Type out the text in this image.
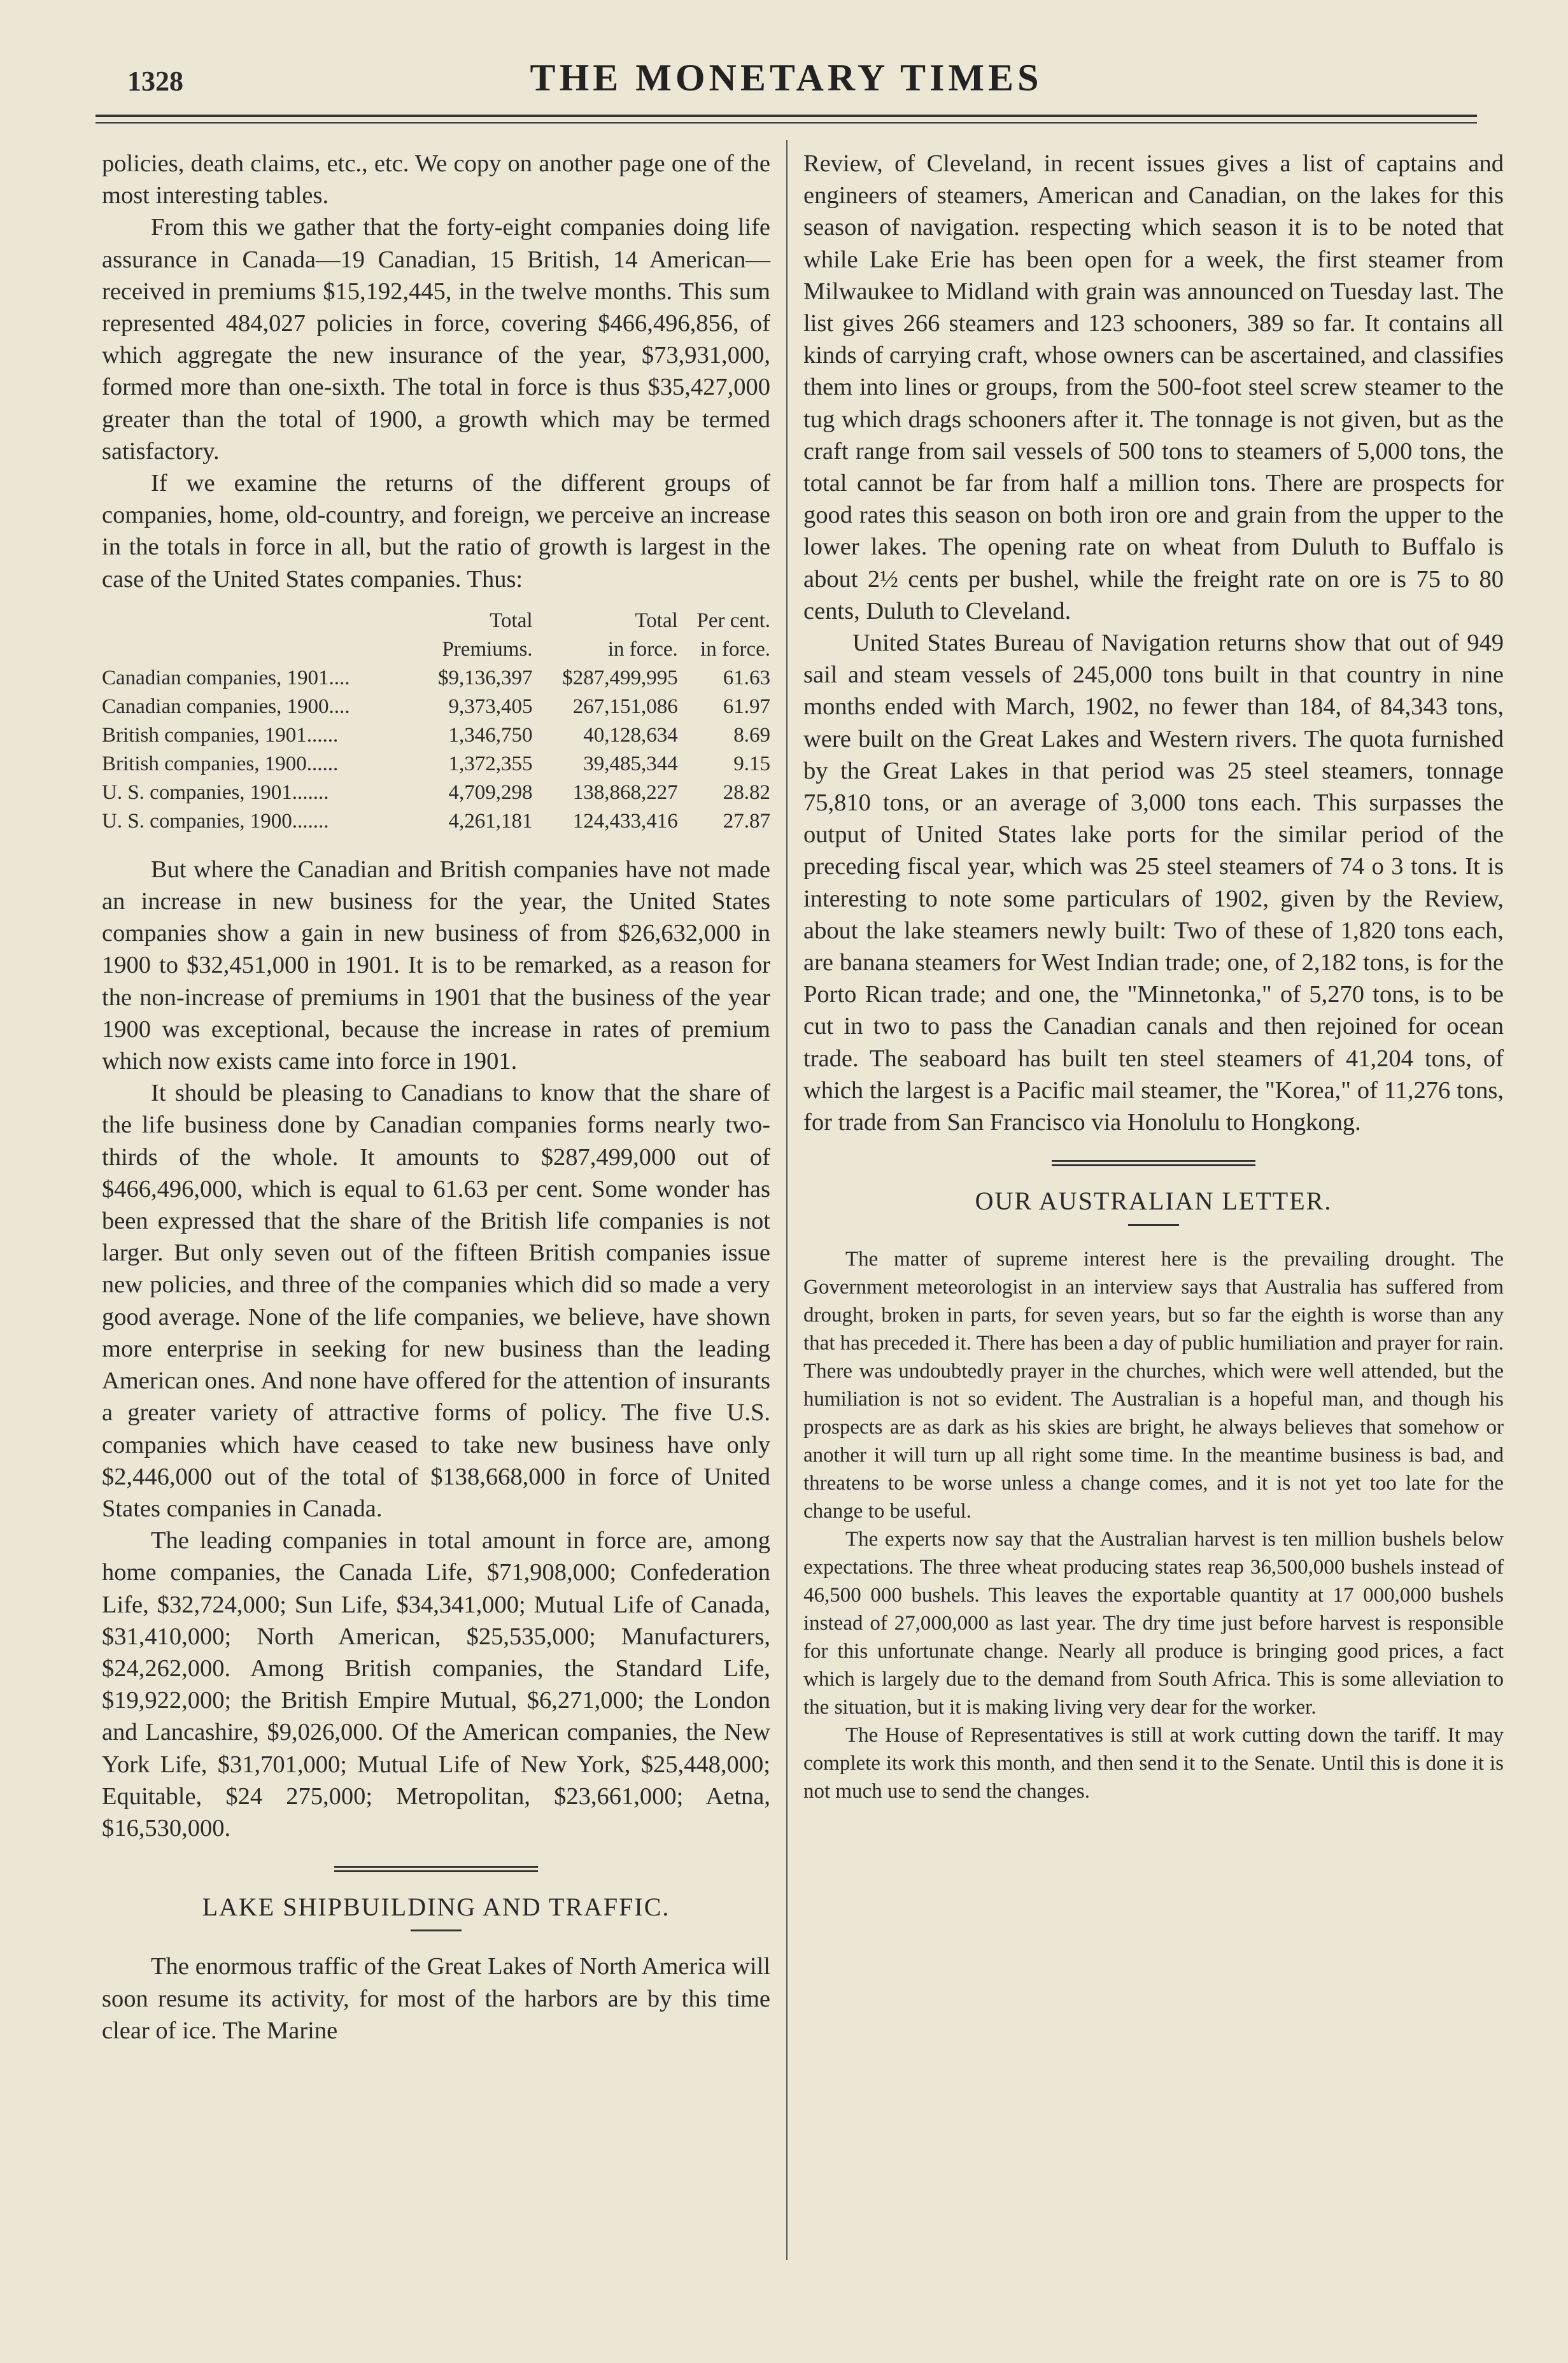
1328	THE MONETARY TIMES

policies, death claims, etc., etc. We copy on another page one of the most interesting tables.

From this we gather that the forty-eight companies doing life assurance in Canada—19 Canadian, 15 British, 14 American—received in premiums $15,192,445, in the twelve months. This sum represented 484,027 policies in force, covering $466,496,856, of which aggregate the new insurance of the year, $73,931,000, formed more than one-sixth. The total in force is thus $35,427,000 greater than the total of 1900, a growth which may be termed satisfactory.

If we examine the returns of the different groups of companies, home, old-country, and foreign, we perceive an increase in the totals in force in all, but the ratio of growth is largest in the case of the United States companies. Thus:

	Total	Total	Per cent.
	Premiums.	in force.	in force.
Canadian companies, 1901....	$9,136,397	$287,499,995	61.63
Canadian companies, 1900....	9,373,405	267,151,086	61.97
British companies, 1901......	1,346,750	40,128,634	8.69
British companies, 1900......	1,372,355	39,485,344	9.15
U. S. companies, 1901.......	4,709,298	138,868,227	28.82
U. S. companies, 1900.......	4,261,181	124,433,416	27.87

But where the Canadian and British companies have not made an increase in new business for the year, the United States companies show a gain in new business of from $26,632,000 in 1900 to $32,451,000 in 1901. It is to be remarked, as a reason for the non-increase of premiums in 1901 that the business of the year 1900 was exceptional, because the increase in rates of premium which now exists came into force in 1901.

It should be pleasing to Canadians to know that the share of the life business done by Canadian companies forms nearly two-thirds of the whole. It amounts to $287,499,000 out of $466,496,000, which is equal to 61.63 per cent. Some wonder has been expressed that the share of the British life companies is not larger. But only seven out of the fifteen British companies issue new policies, and three of the companies which did so made a very good average. None of the life companies, we believe, have shown more enterprise in seeking for new business than the leading American ones. And none have offered for the attention of insurants a greater variety of attractive forms of policy. The five U.S. companies which have ceased to take new business have only $2,446,000 out of the total of $138,668,000 in force of United States companies in Canada.

The leading companies in total amount in force are, among home companies, the Canada Life, $71,908,000; Confederation Life, $32,724,000; Sun Life, $34,341,000; Mutual Life of Canada, $31,410,000; North American, $25,535,000; Manufacturers, $24,262,000. Among British companies, the Standard Life, $19,922,000; the British Empire Mutual, $6,271,000; the London and Lancashire, $9,026,000. Of the American companies, the New York Life, $31,701,000; Mutual Life of New York, $25,448,000; Equitable, $24 275,000; Metropolitan, $23,661,000; Aetna, $16,530,000.

LAKE SHIPBUILDING AND TRAFFIC.

The enormous traffic of the Great Lakes of North America will soon resume its activity, for most of the harbors are by this time clear of ice. The Marine

Review, of Cleveland, in recent issues gives a list of captains and engineers of steamers, American and Canadian, on the lakes for this season of navigation. respecting which season it is to be noted that while Lake Erie has been open for a week, the first steamer from Milwaukee to Midland with grain was announced on Tuesday last. The list gives 266 steamers and 123 schooners, 389 so far. It contains all kinds of carrying craft, whose owners can be ascertained, and classifies them into lines or groups, from the 500-foot steel screw steamer to the tug which drags schooners after it. The tonnage is not given, but as the craft range from sail vessels of 500 tons to steamers of 5,000 tons, the total cannot be far from half a million tons. There are prospects for good rates this season on both iron ore and grain from the upper to the lower lakes. The opening rate on wheat from Duluth to Buffalo is about 2½ cents per bushel, while the freight rate on ore is 75 to 80 cents, Duluth to Cleveland.

United States Bureau of Navigation returns show that out of 949 sail and steam vessels of 245,000 tons built in that country in nine months ended with March, 1902, no fewer than 184, of 84,343 tons, were built on the Great Lakes and Western rivers. The quota furnished by the Great Lakes in that period was 25 steel steamers, tonnage 75,810 tons, or an average of 3,000 tons each. This surpasses the output of United States lake ports for the similar period of the preceding fiscal year, which was 25 steel steamers of 74 o 3 tons. It is interesting to note some particulars of 1902, given by the Review, about the lake steamers newly built: Two of these of 1,820 tons each, are banana steamers for West Indian trade; one, of 2,182 tons, is for the Porto Rican trade; and one, the "Minnetonka," of 5,270 tons, is to be cut in two to pass the Canadian canals and then rejoined for ocean trade. The seaboard has built ten steel steamers of 41,204 tons, of which the largest is a Pacific mail steamer, the "Korea," of 11,276 tons, for trade from San Francisco via Honolulu to Hongkong.

OUR AUSTRALIAN LETTER.

The matter of supreme interest here is the prevailing drought. The Government meteorologist in an interview says that Australia has suffered from drought, broken in parts, for seven years, but so far the eighth is worse than any that has preceded it. There has been a day of public humiliation and prayer for rain. There was undoubtedly prayer in the churches, which were well attended, but the humiliation is not so evident. The Australian is a hopeful man, and though his prospects are as dark as his skies are bright, he always believes that somehow or another it will turn up all right some time. In the meantime business is bad, and threatens to be worse unless a change comes, and it is not yet too late for the change to be useful.

The experts now say that the Australian harvest is ten million bushels below expectations. The three wheat producing states reap 36,500,000 bushels instead of 46,500 000 bushels. This leaves the exportable quantity at 17 000,000 bushels instead of 27,000,000 as last year. The dry time just before harvest is responsible for this unfortunate change. Nearly all produce is bringing good prices, a fact which is largely due to the demand from South Africa. This is some alleviation to the situation, but it is making living very dear for the worker.

The House of Representatives is still at work cutting down the tariff. It may complete its work this month, and then send it to the Senate. Until this is done it is not much use to send the changes.
